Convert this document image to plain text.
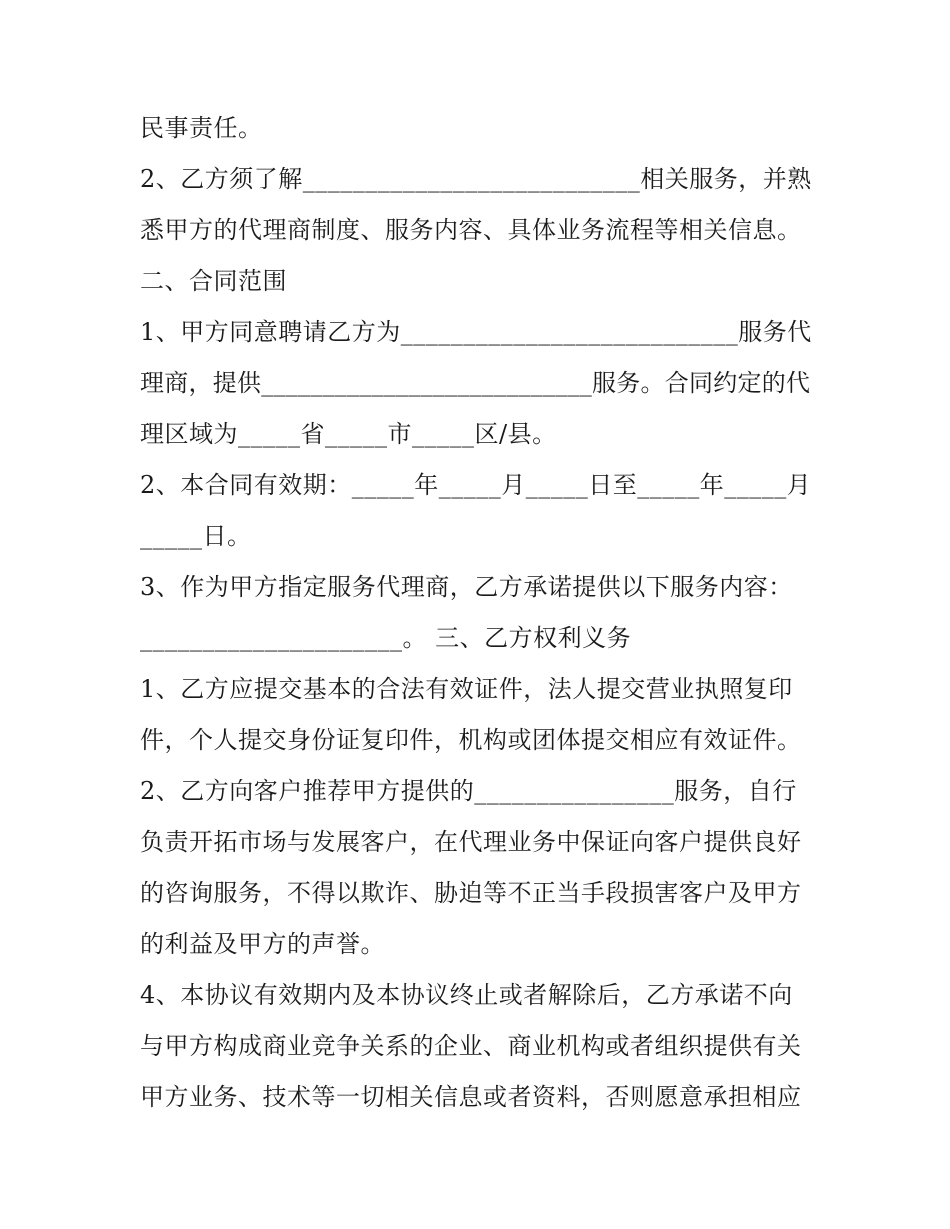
民事责任。
2、乙方须了解___________________________相关服务，并熟
悉甲方的代理商制度、服务内容、具体业务流程等相关信息。
二、合同范围
1、甲方同意聘请乙方为___________________________服务代
理商，提供___________________________服务。合同约定的代
理区域为_____省_____市_____区/县。
2、本合同有效期：_____年_____月_____日至_____年_____月
_____日。
3、作为甲方指定服务代理商，乙方承诺提供以下服务内容：
_____________________。 三、乙方权利义务
1、乙方应提交基本的合法有效证件，法人提交营业执照复印
件，个人提交身份证复印件，机构或团体提交相应有效证件。
2、乙方向客户推荐甲方提供的________________服务，自行
负责开拓市场与发展客户，在代理业务中保证向客户提供良好
的咨询服务，不得以欺诈、胁迫等不正当手段损害客户及甲方
的利益及甲方的声誉。
4、本协议有效期内及本协议终止或者解除后，乙方承诺不向
与甲方构成商业竞争关系的企业、商业机构或者组织提供有关
甲方业务、技术等一切相关信息或者资料，否则愿意承担相应
